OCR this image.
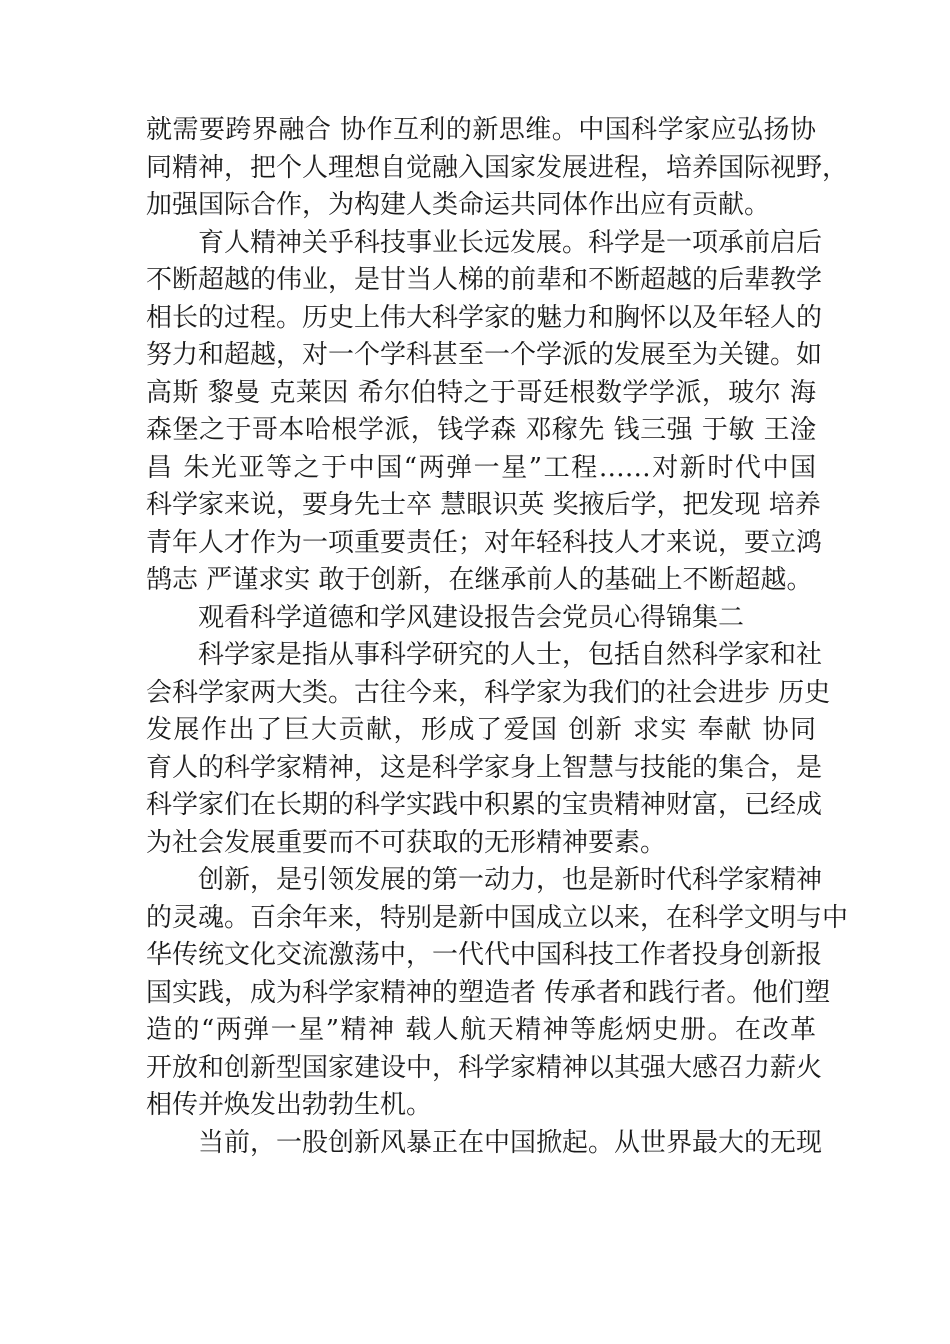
就需要跨界融合 协作互利的新思维。中国科学家应弘扬协
同精神，把个人理想自觉融入国家发展进程，培养国际视野，
加强国际合作，为构建人类命运共同体作出应有贡献。
育人精神关乎科技事业长远发展。科学是一项承前启后
不断超越的伟业，是甘当人梯的前辈和不断超越的后辈教学
相长的过程。历史上伟大科学家的魅力和胸怀以及年轻人的
努力和超越，对一个学科甚至一个学派的发展至为关键。如
高斯 黎曼 克莱因 希尔伯特之于哥廷根数学学派，玻尔 海
森堡之于哥本哈根学派，钱学森 邓稼先 钱三强 于敏 王淦
昌 朱光亚等之于中国“两弹一星”工程……对新时代中国
科学家来说，要身先士卒 慧眼识英 奖掖后学，把发现 培养
青年人才作为一项重要责任；对年轻科技人才来说，要立鸿
鹄志 严谨求实 敢于创新，在继承前人的基础上不断超越。
观看科学道德和学风建设报告会党员心得锦集二
科学家是指从事科学研究的人士，包括自然科学家和社
会科学家两大类。古往今来，科学家为我们的社会进步 历史
发展作出了巨大贡献，形成了爱国 创新 求实 奉献 协同
育人的科学家精神，这是科学家身上智慧与技能的集合，是
科学家们在长期的科学实践中积累的宝贵精神财富，已经成
为社会发展重要而不可获取的无形精神要素。
创新，是引领发展的第一动力，也是新时代科学家精神
的灵魂。百余年来，特别是新中国成立以来，在科学文明与中
华传统文化交流激荡中，一代代中国科技工作者投身创新报
国实践，成为科学家精神的塑造者 传承者和践行者。他们塑
造的“两弹一星”精神 载人航天精神等彪炳史册。在改革
开放和创新型国家建设中，科学家精神以其强大感召力薪火
相传并焕发出勃勃生机。
当前，一股创新风暴正在中国掀起。从世界最大的无现
